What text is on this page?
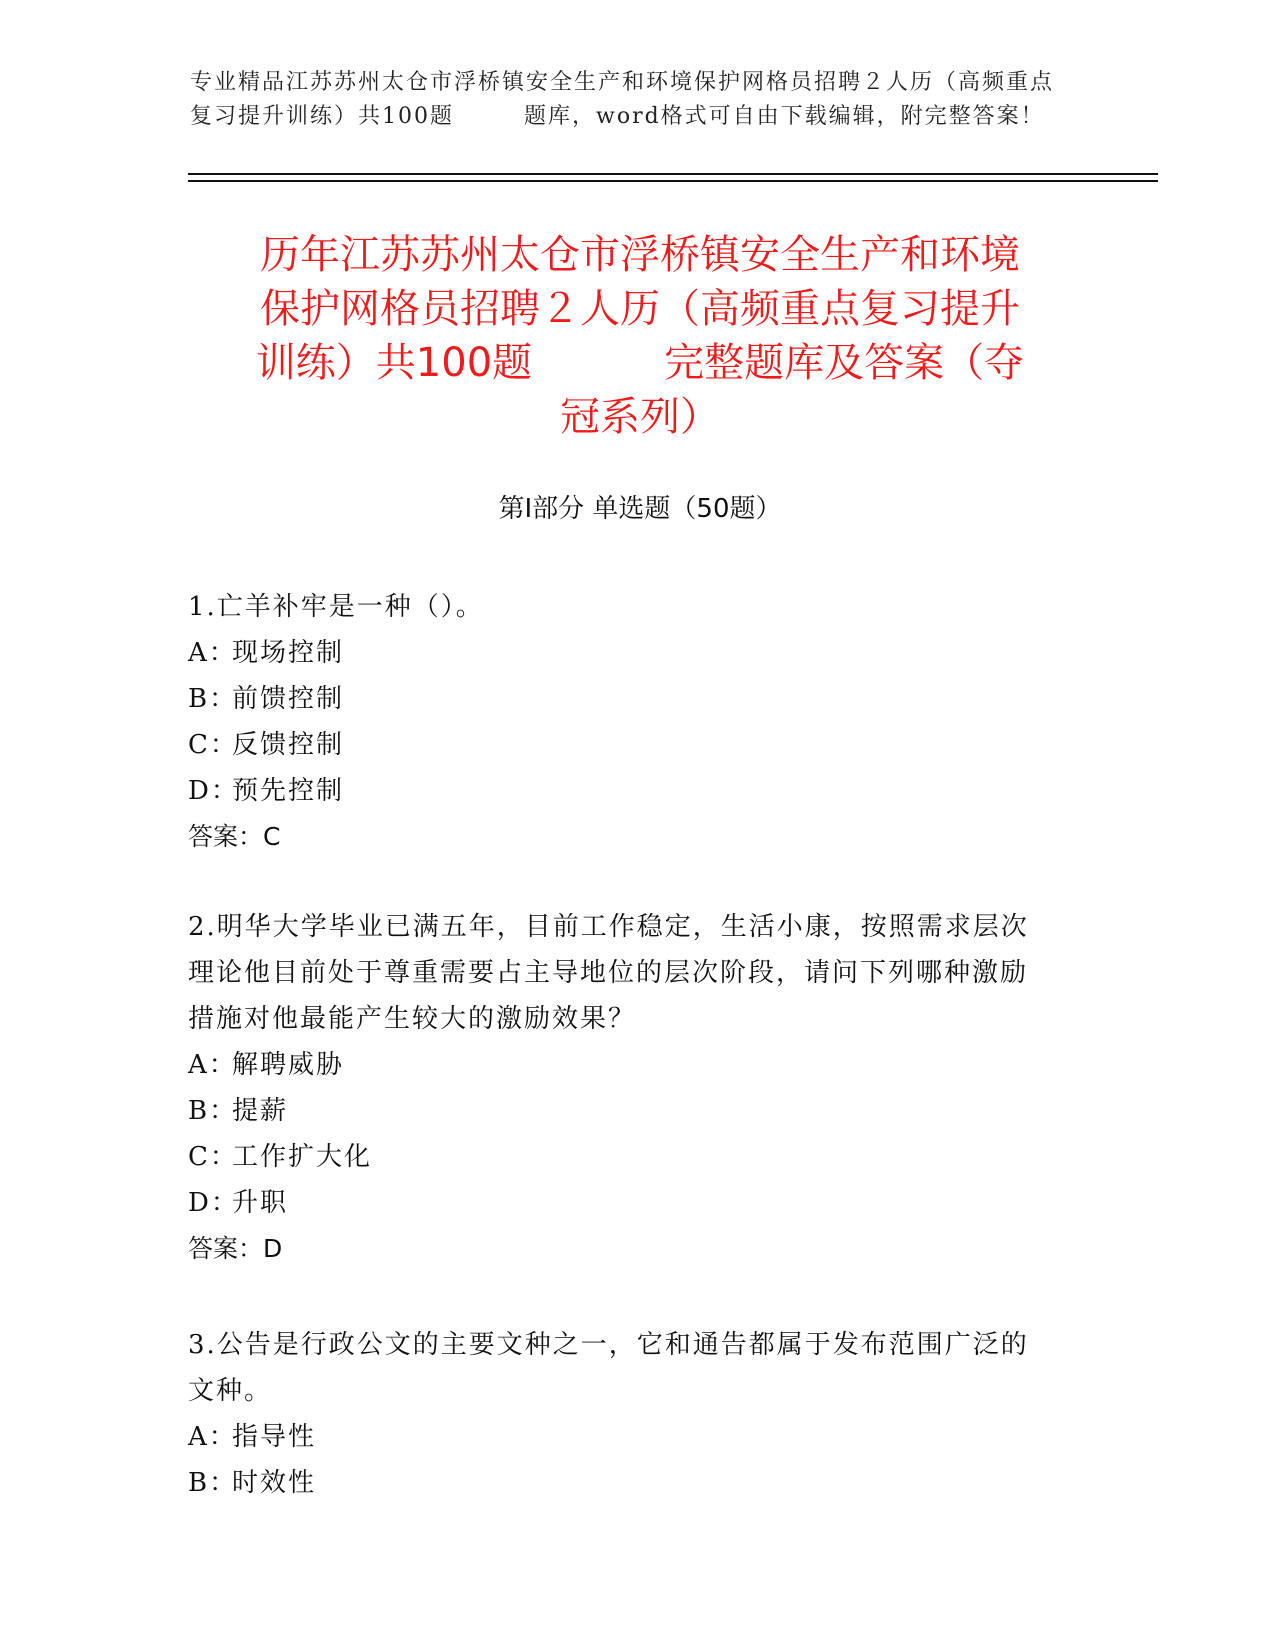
专业精品江苏苏州太仓市浮桥镇安全生产和环境保护网格员招聘２人历（高频重点
复习提升训练）共100题	题库，word格式可自由下载编辑，附完整答案！
历年江苏苏州太仓市浮桥镇安全生产和环境
保护网格员招聘２人历（高频重点复习提升
训练）共100题	完整题库及答案（夺
冠系列）
第Ⅰ部分 单选题（50题）

1.亡羊补牢是一种（）。

A：现场控制

B：前馈控制

C：反馈控制

D：预先控制

答案：C

2.明华大学毕业已满五年，目前工作稳定，生活小康，按照需求层次

理论他目前处于尊重需要占主导地位的层次阶段，请问下列哪种激励

措施对他最能产生较大的激励效果？

A：解聘威胁

B：提薪

C：工作扩大化

D：升职

答案：D

3.公告是行政公文的主要文种之一，它和通告都属于发布范围广泛的

文种。

A：指导性

B：时效性
